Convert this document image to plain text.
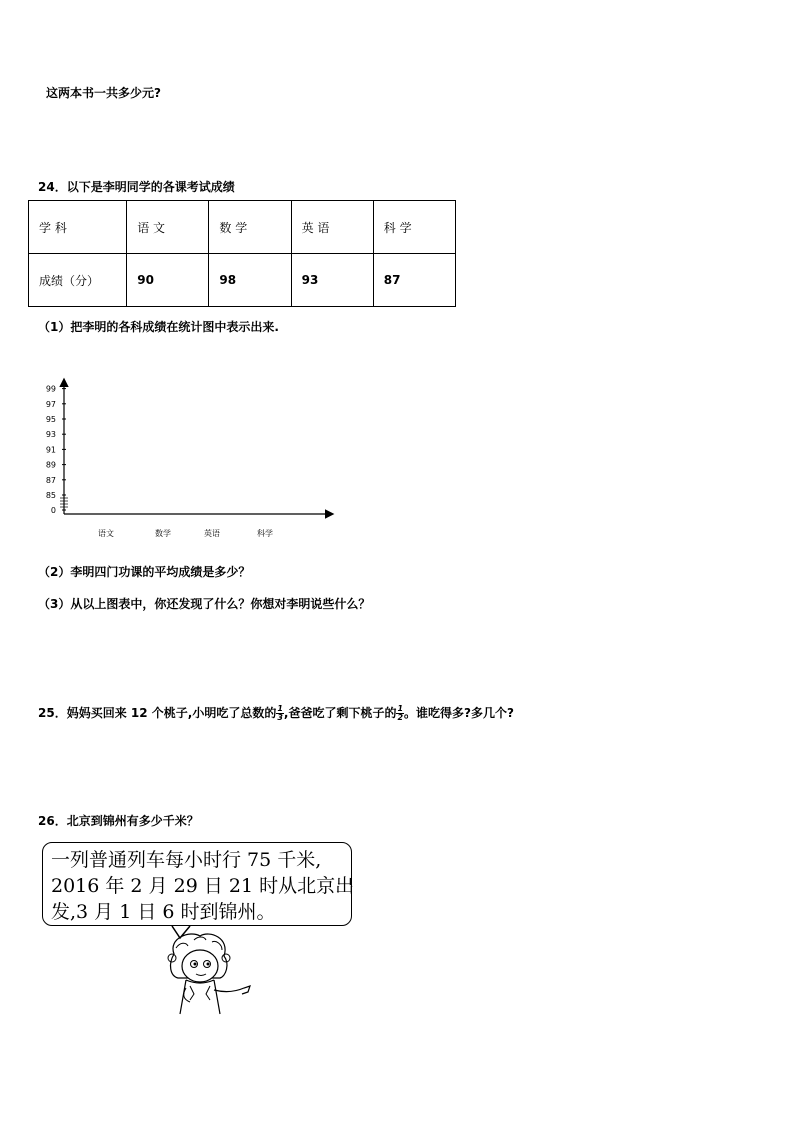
这两本书一共多少元?
24．以下是李明同学的各课考试成绩
学 科	语 文	数 学	英 语	科 学
成绩（分）	90	98	93	87
（1）把李明的各科成绩在统计图中表示出来.
0
85
87
89
91
93
95
97
99
语文	数学	英语	科学
（2）李明四门功课的平均成绩是多少？
（3）从以上图表中，你还发现了什么？你想对李明说些什么？
25．妈妈买回来 12 个桃子,小明吃了总数的 $\frac{1}{3}$ ,爸爸吃了剩下桃子的 $\frac{1}{2}$ 。谁吃得多?多几个?
26．北京到锦州有多少千米？
一列普通列车每小时行 75 千米,
2016 年 2 月 29 日 21 时从北京出
发,3 月 1 日 6 时到锦州。
